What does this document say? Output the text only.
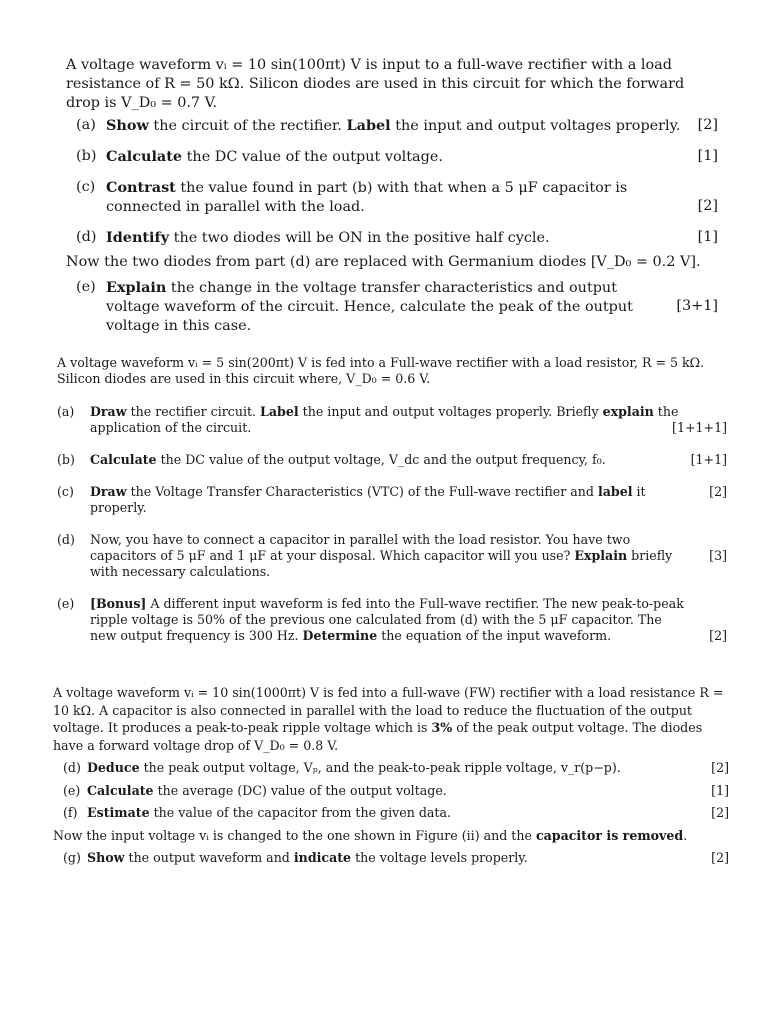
A voltage waveform vᵢ = 10 sin(100πt) V is input to a full-wave rectifier with a load resistance of R = 50 kΩ. Silicon diodes are used in this circuit for which the forward drop is V_D₀ = 0.7 V.

(a) Show the circuit of the rectifier. Label the input and output voltages properly.	[2]
(b) Calculate the DC value of the output voltage.	[1]
(c) Contrast the value found in part (b) with that when a 5 μF capacitor is connected in parallel with the load.	[2]
(d) Identify the two diodes will be ON in the positive half cycle.	[1]

Now the two diodes from part (d) are replaced with Germanium diodes [V_D₀ = 0.2 V].

(e) Explain the change in the voltage transfer characteristics and output voltage waveform of the circuit. Hence, calculate the peak of the output voltage in this case.
[3+1]

A voltage waveform vᵢ = 5 sin(200πt) V is fed into a Full-wave rectifier with a load resistor, R = 5 kΩ. Silicon diodes are used in this circuit where, V_D₀ = 0.6 V.

(a) Draw the rectifier circuit. Label the input and output voltages properly. Briefly explain the application of the circuit.	[1+1+1]
(b) Calculate the DC value of the output voltage, V_dc and the output frequency, f₀.	[1+1]
(c) Draw the Voltage Transfer Characteristics (VTC) of the Full-wave rectifier and label it properly.
[2]
(d) Now, you have to connect a capacitor in parallel with the load resistor. You have two capacitors of 5 μF and 1 μF at your disposal. Which capacitor will you use? Explain briefly with necessary calculations.
[3]
(e) [Bonus] A different input waveform is fed into the Full-wave rectifier. The new peak-to-peak ripple voltage is 50% of the previous one calculated from (d) with the 5 μF capacitor. The new output frequency is 300 Hz. Determine the equation of the input waveform.	[2]

A voltage waveform vᵢ = 10 sin(1000πt) V is fed into a full-wave (FW) rectifier with a load resistance R = 10 kΩ. A capacitor is also connected in parallel with the load to reduce the fluctuation of the output voltage. It produces a peak-to-peak ripple voltage which is 3% of the peak output voltage. The diodes have a forward voltage drop of V_D₀ = 0.8 V.

(d) Deduce the peak output voltage, Vₚ, and the peak-to-peak ripple voltage, v_r(p−p).	[2]
(e) Calculate the average (DC) value of the output voltage.	[1]
(f) Estimate the value of the capacitor from the given data.	[2]

Now the input voltage vᵢ is changed to the one shown in Figure (ii) and the capacitor is removed.

(g) Show the output waveform and indicate the voltage levels properly.	[2]
